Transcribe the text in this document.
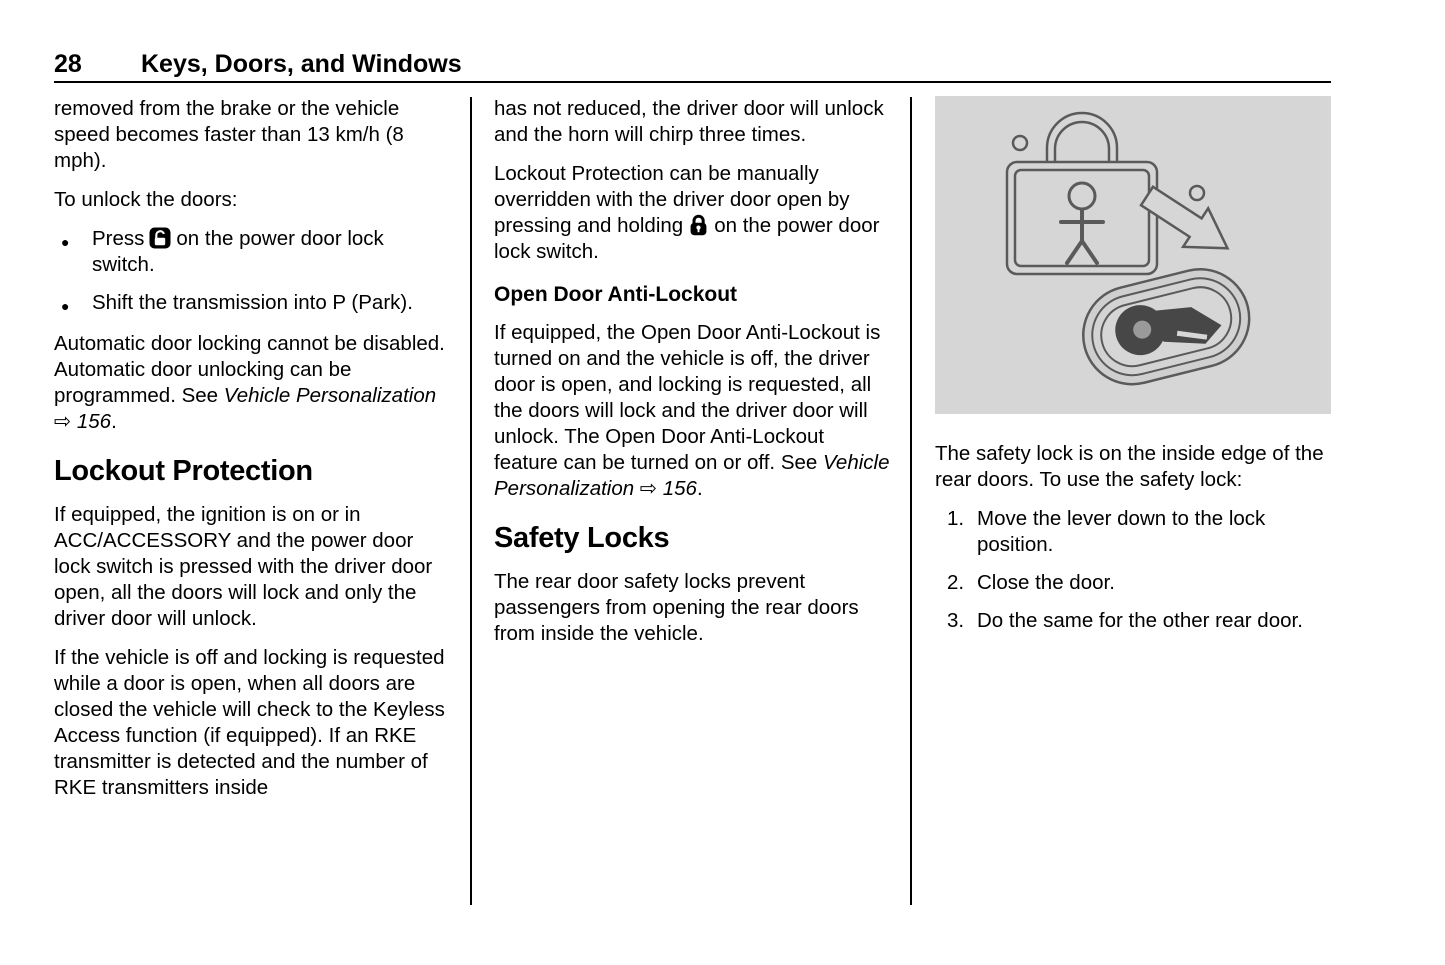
28 Keys, Doors, and Windows

removed from the brake or the vehicle speed becomes faster than 13 km/h (8 mph).

To unlock the doors:

●	Press on the power door lock switch.
●	Shift the transmission into P (Park).

Automatic door locking cannot be disabled. Automatic door unlocking can be programmed. See Vehicle Personalization ⇨ 156.

Lockout Protection

If equipped, the ignition is on or in ACC/ACCESSORY and the power door lock switch is pressed with the driver door open, all the doors will lock and only the driver door will unlock.

If the vehicle is off and locking is requested while a door is open, when all doors are closed the vehicle will check to the Keyless Access function (if equipped). If an RKE transmitter is detected and the number of RKE transmitters inside

has not reduced, the driver door will unlock and the horn will chirp three times.

Lockout Protection can be manually overridden with the driver door open by pressing and holding on the power door lock switch.

Open Door Anti-Lockout

If equipped, the Open Door Anti-Lockout is turned on and the vehicle is off, the driver door is open, and locking is requested, all the doors will lock and the driver door will unlock. The Open Door Anti-Lockout feature can be turned on or off. See Vehicle Personalization ⇨ 156.

Safety Locks

The rear door safety locks prevent passengers from opening the rear doors from inside the vehicle.

The safety lock is on the inside edge of the rear doors. To use the safety lock:

1. Move the lever down to the lock position.
2. Close the door.
3. Do the same for the other rear door.
